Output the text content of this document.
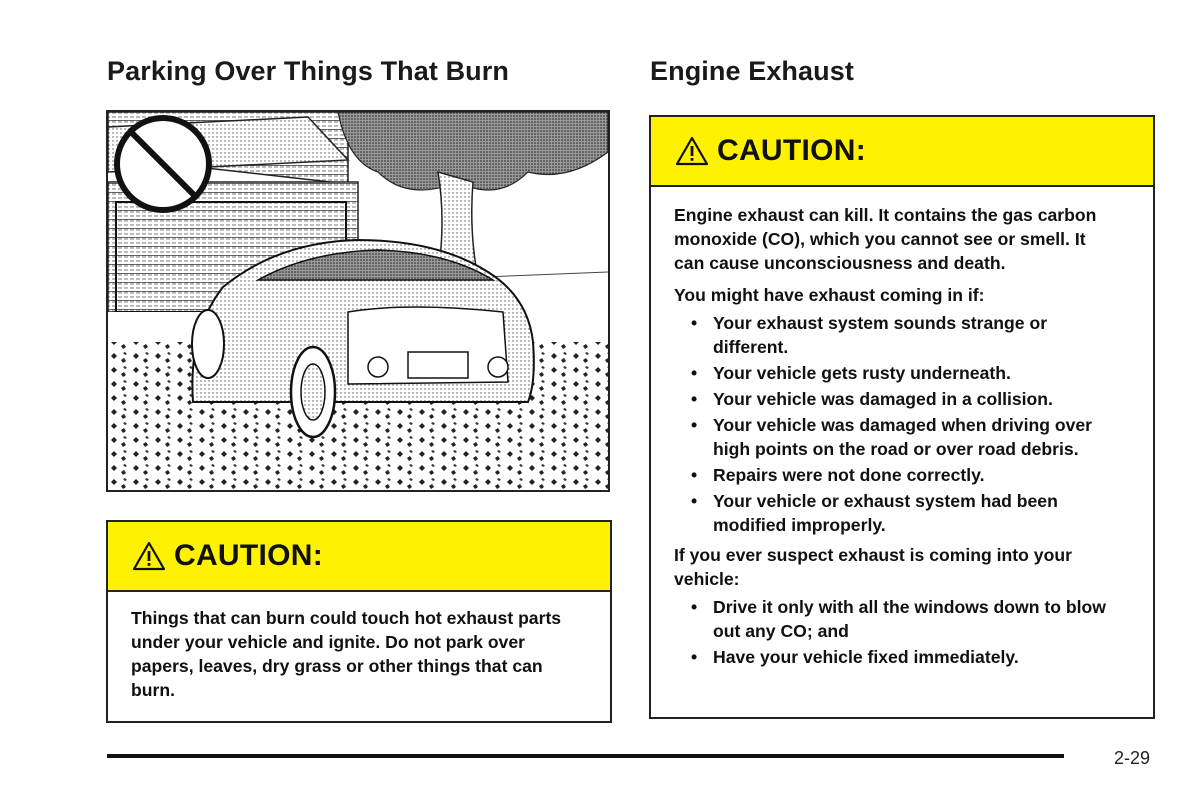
Parking Over Things That Burn	Engine Exhaust
CAUTION:

Things that can burn could touch hot exhaust parts under your vehicle and ignite. Do not park over papers, leaves, dry grass or other things that can burn.

CAUTION:

Engine exhaust can kill. It contains the gas carbon monoxide (CO), which you cannot see or smell. It can cause unconsciousness and death.

You might have exhaust coming in if:

• Your exhaust system sounds strange or different.
• Your vehicle gets rusty underneath.
• Your vehicle was damaged in a collision.
• Your vehicle was damaged when driving over high points on the road or over road debris.
• Repairs were not done correctly.
• Your vehicle or exhaust system had been modified improperly.

If you ever suspect exhaust is coming into your vehicle:

• Drive it only with all the windows down to blow out any CO; and
• Have your vehicle fixed immediately.
2-29
